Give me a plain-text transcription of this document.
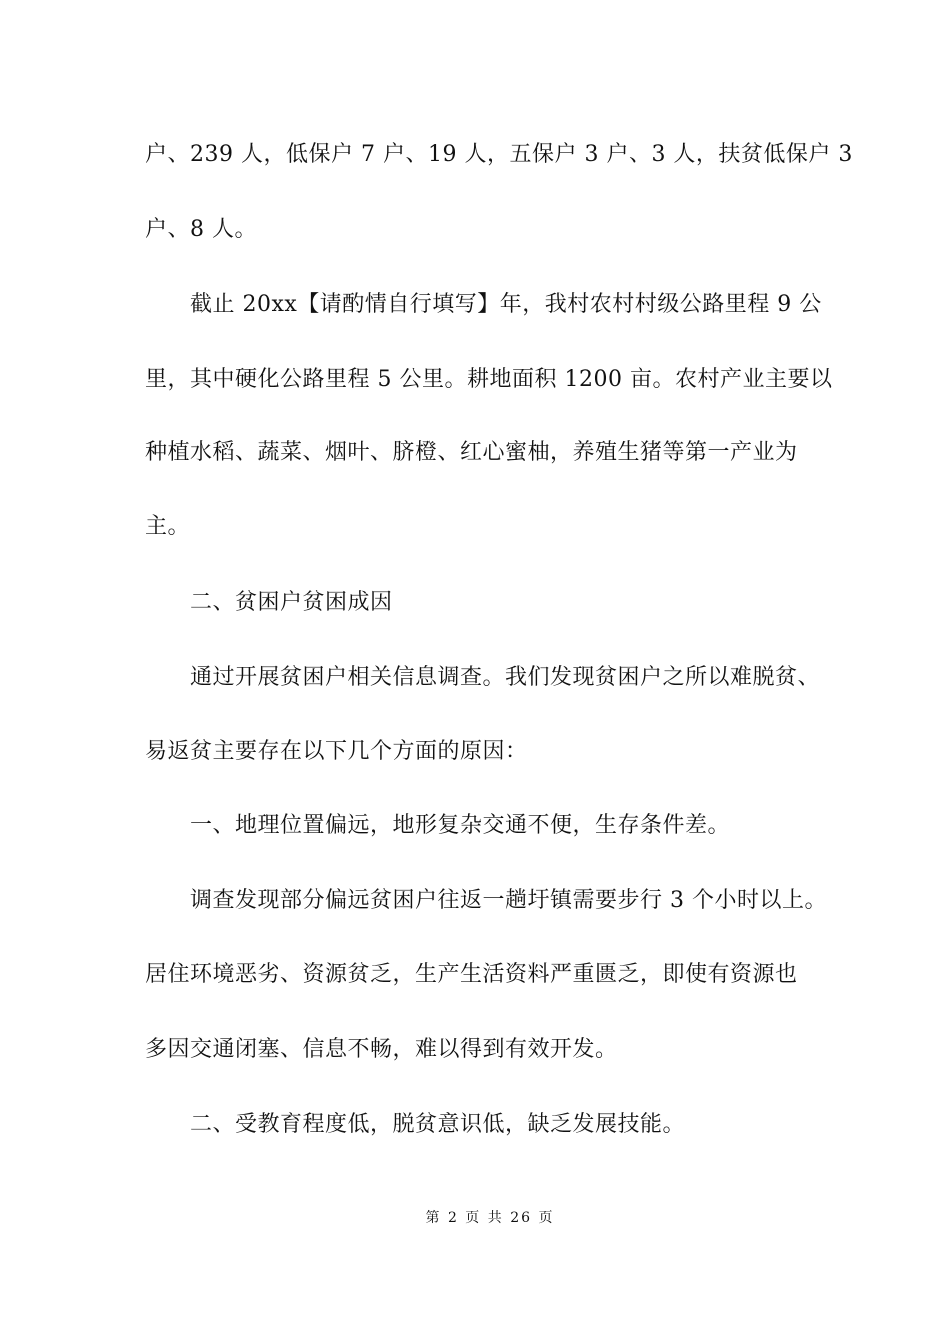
户、239 人，低保户 7 户、19 人，五保户 3 户、3 人，扶贫低保户 3
户、8 人。
截止 20xx【请酌情自行填写】年，我村农村村级公路里程 9 公
里，其中硬化公路里程 5 公里。耕地面积 1200 亩。农村产业主要以
种植水稻、蔬菜、烟叶、脐橙、红心蜜柚，养殖生猪等第一产业为
主。
二、贫困户贫困成因
通过开展贫困户相关信息调查。我们发现贫困户之所以难脱贫、
易返贫主要存在以下几个方面的原因：
一、地理位置偏远，地形复杂交通不便，生存条件差。
调查发现部分偏远贫困户往返一趟圩镇需要步行 3 个小时以上。
居住环境恶劣、资源贫乏，生产生活资料严重匮乏，即使有资源也
多因交通闭塞、信息不畅，难以得到有效开发。
二、受教育程度低，脱贫意识低，缺乏发展技能。
第 2 页 共 26 页
